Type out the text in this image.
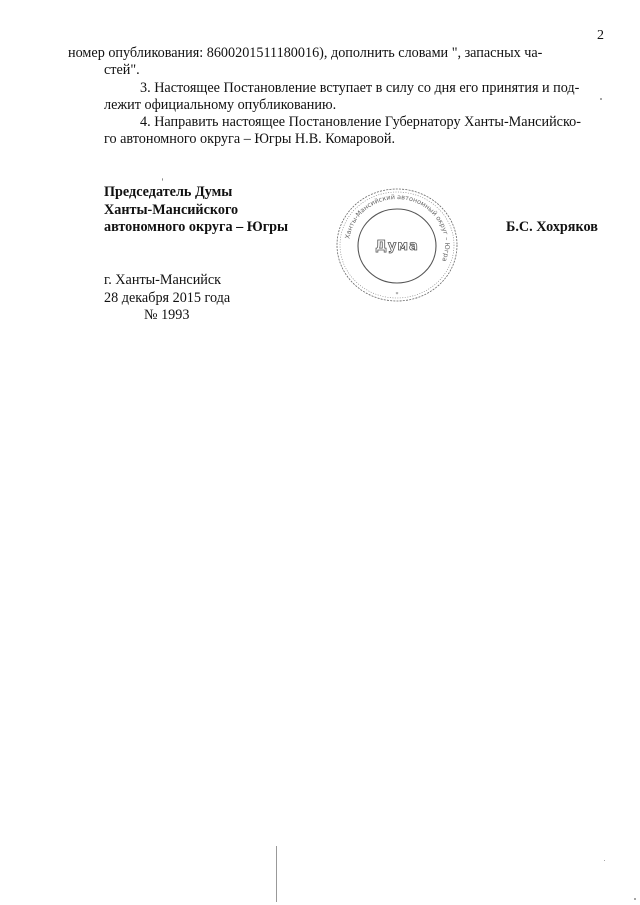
2

номер опубликования: 8600201511180016), дополнить словами ", запасных ча-

стей".

3. Настоящее Постановление вступает в силу со дня его принятия и под-

лежит официальному опубликованию.

4. Направить настоящее Постановление Губернатору Ханты-Мансийско-

го автономного округа – Югры Н.В. Комаровой.

Председатель Думы
Ханты-Мансийского
автономного округа – Югры
Ханты-Мансийский автономный округ – Югра
Дума
*
Б.С. Хохряков
г. Ханты-Мансийск
28 декабря 2015 года
№ 1993
